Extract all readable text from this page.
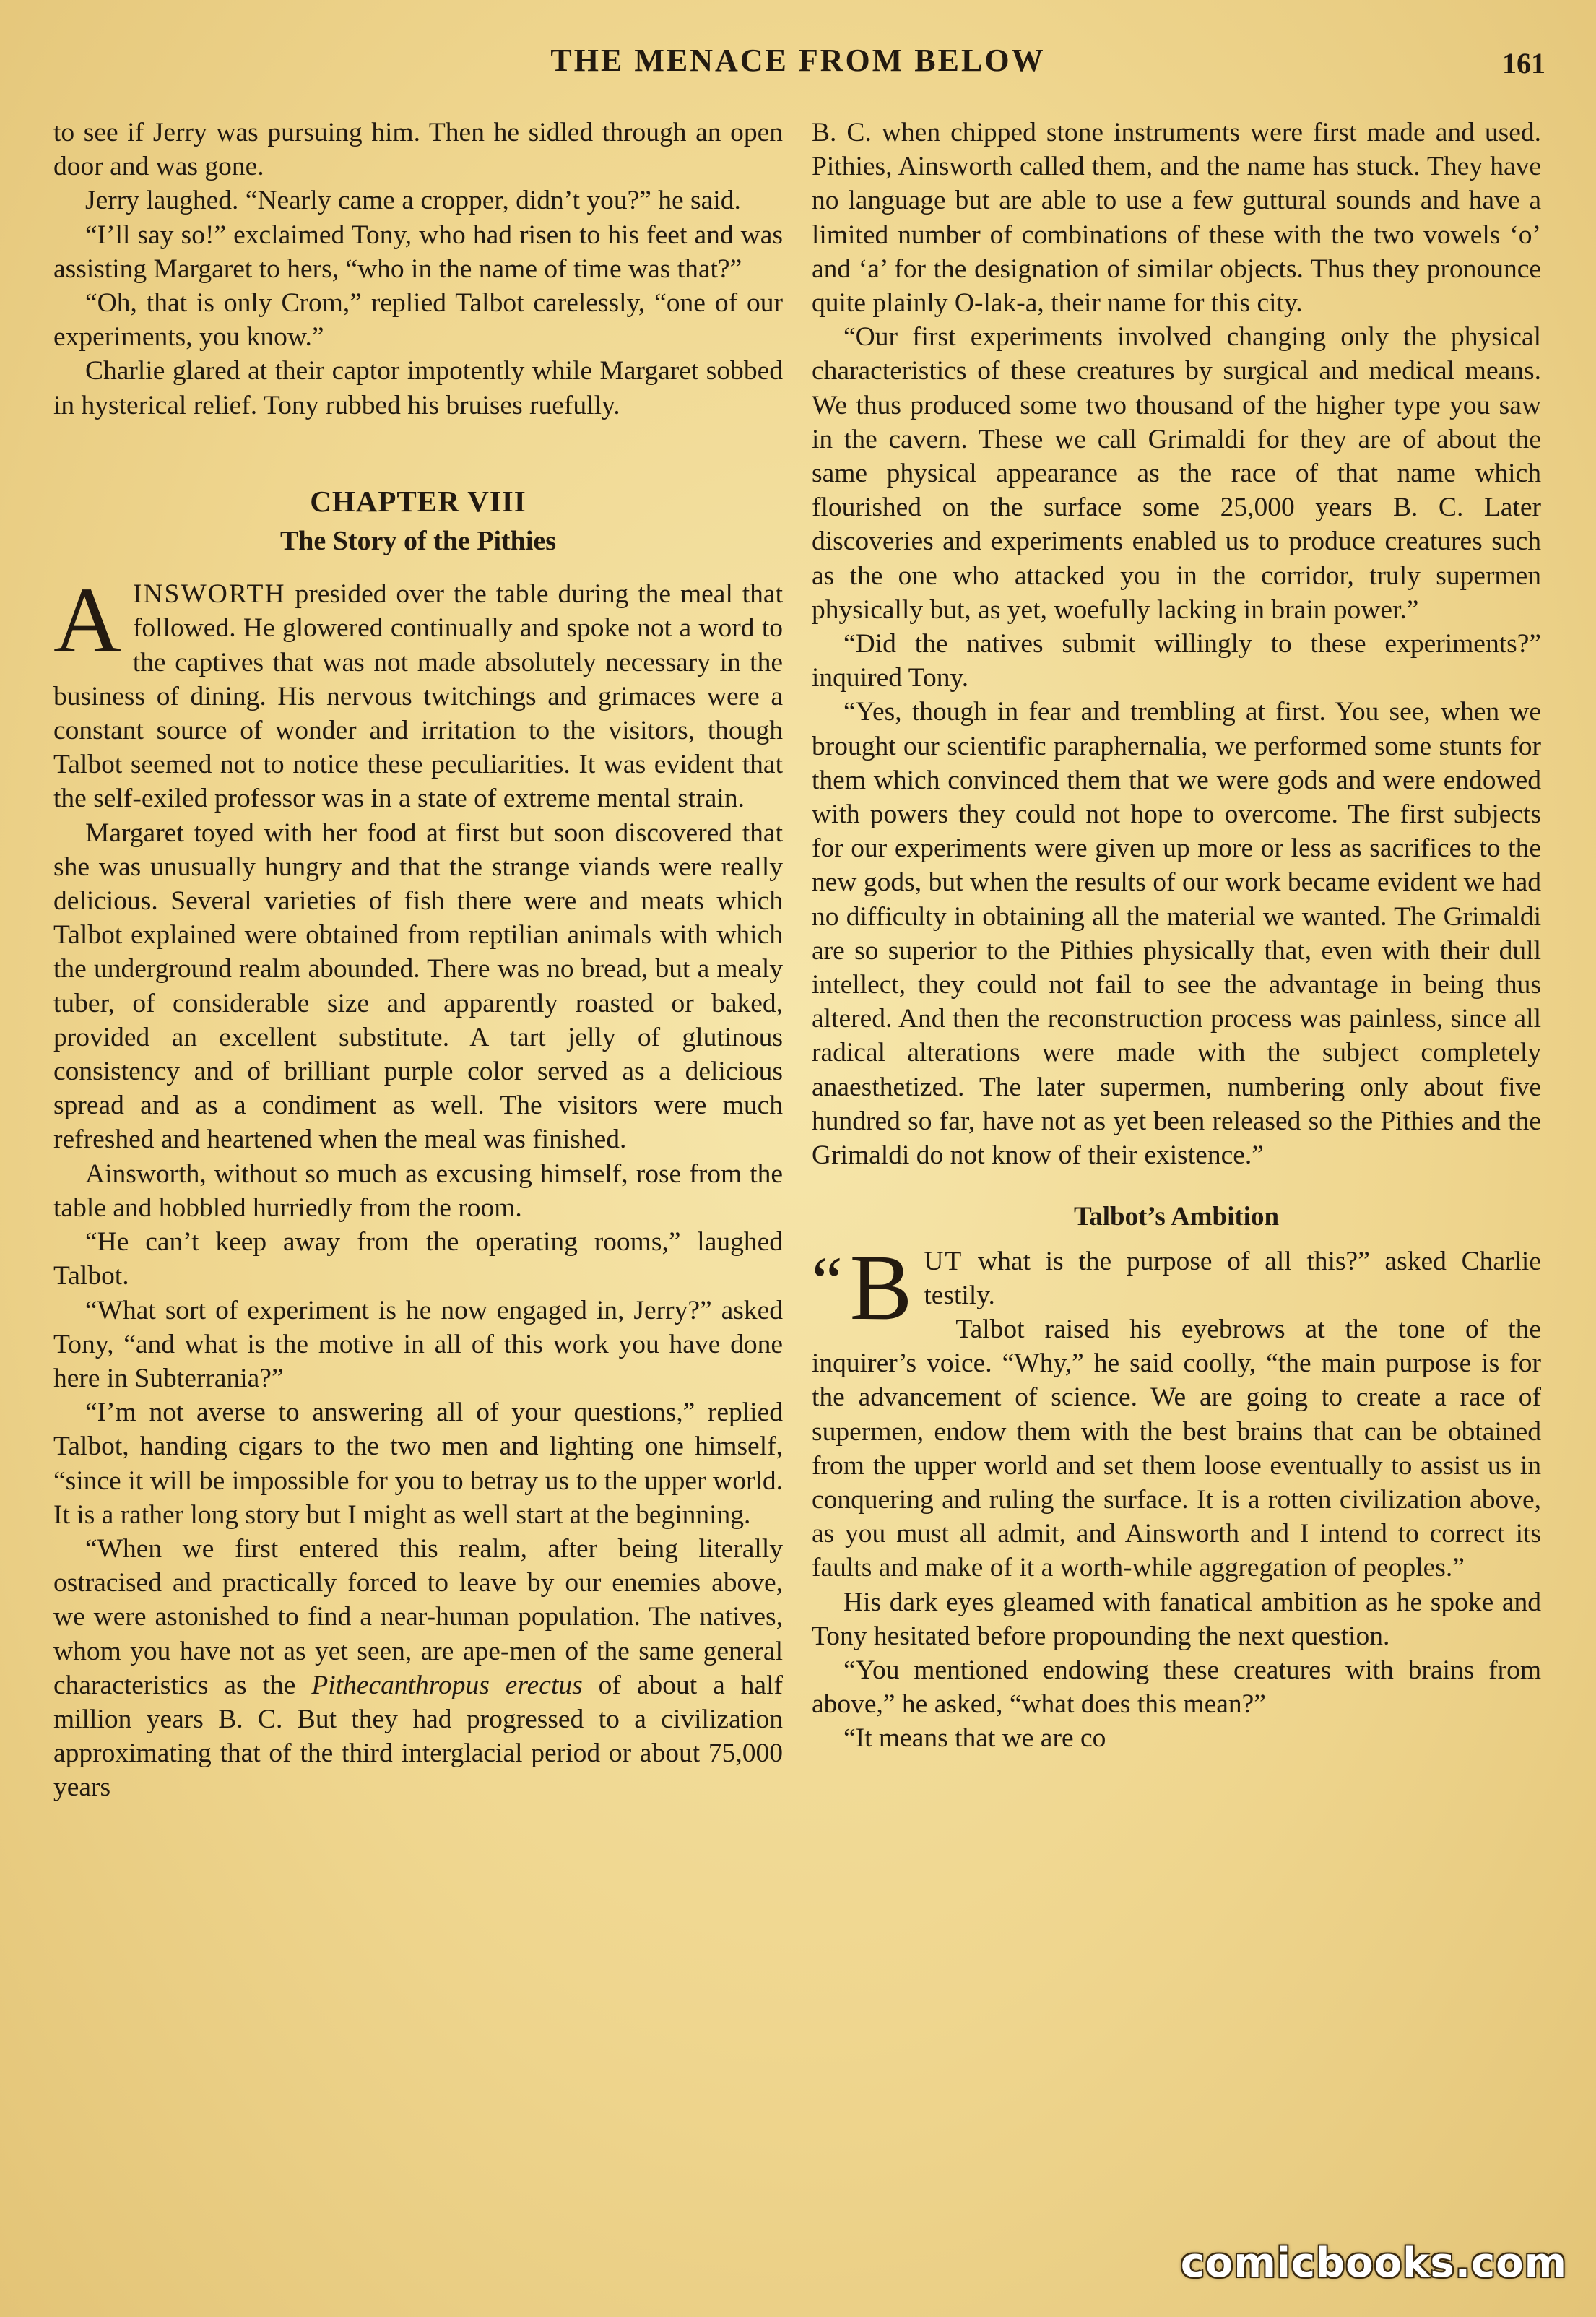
THE MENACE FROM BELOW	161

to see if Jerry was pursuing him. Then he sidled through an open door and was gone.

Jerry laughed. “Nearly came a cropper, didn’t you?” he said.

“I’ll say so!” exclaimed Tony, who had risen to his feet and was assisting Margaret to hers, “who in the name of time was that?”

“Oh, that is only Crom,” replied Talbot carelessly, “one of our experiments, you know.”

Charlie glared at their captor impotently while Margaret sobbed in hysterical relief. Tony rubbed his bruises ruefully.

CHAPTER VIII
The Story of the Pithies

AINSWORTH presided over the table during the meal that followed. He glowered continually and spoke not a word to the captives that was not made absolutely necessary in the business of dining. His nervous twitchings and grimaces were a constant source of wonder and irritation to the visitors, though Talbot seemed not to notice these peculiarities. It was evident that the self-exiled professor was in a state of extreme mental strain.

Margaret toyed with her food at first but soon discovered that she was unusually hungry and that the strange viands were really delicious. Several varieties of fish there were and meats which Talbot explained were obtained from reptilian animals with which the underground realm abounded. There was no bread, but a mealy tuber, of considerable size and apparently roasted or baked, provided an excellent substitute. A tart jelly of glutinous consistency and of brilliant purple color served as a delicious spread and as a condiment as well. The visitors were much refreshed and heartened when the meal was finished.

Ainsworth, without so much as excusing himself, rose from the table and hobbled hurriedly from the room.

“He can’t keep away from the operating rooms,” laughed Talbot.

“What sort of experiment is he now engaged in, Jerry?” asked Tony, “and what is the motive in all of this work you have done here in Subterrania?”

“I’m not averse to answering all of your questions,” replied Talbot, handing cigars to the two men and lighting one himself, “since it will be impossible for you to betray us to the upper world. It is a rather long story but I might as well start at the beginning.

“When we first entered this realm, after being literally ostracised and practically forced to leave by our enemies above, we were astonished to find a near-human population. The natives, whom you have not as yet seen, are ape-men of the same general characteristics as the Pithecanthropus erectus of about a half million years B. C. But they had progressed to a civilization approximating that of the third interglacial period or about 75,000 years

B. C. when chipped stone instruments were first made and used. Pithies, Ainsworth called them, and the name has stuck. They have no language but are able to use a few guttural sounds and have a limited number of combinations of these with the two vowels ‘o’ and ‘a’ for the designation of similar objects. Thus they pronounce quite plainly O-lak-a, their name for this city.

“Our first experiments involved changing only the physical characteristics of these creatures by surgical and medical means. We thus produced some two thousand of the higher type you saw in the cavern. These we call Grimaldi for they are of about the same physical appearance as the race of that name which flourished on the surface some 25,000 years B. C. Later discoveries and experiments enabled us to produce creatures such as the one who attacked you in the corridor, truly supermen physically but, as yet, woefully lacking in brain power.”

“Did the natives submit willingly to these experiments?” inquired Tony.

“Yes, though in fear and trembling at first. You see, when we brought our scientific paraphernalia, we performed some stunts for them which convinced them that we were gods and were endowed with powers they could not hope to overcome. The first subjects for our experiments were given up more or less as sacrifices to the new gods, but when the results of our work became evident we had no difficulty in obtaining all the material we wanted. The Grimaldi are so superior to the Pithies physically that, even with their dull intellect, they could not fail to see the advantage in being thus altered. And then the reconstruction process was painless, since all radical alterations were made with the subject completely anaesthetized. The later supermen, numbering only about five hundred so far, have not as yet been released so the Pithies and the Grimaldi do not know of their existence.”

Talbot’s Ambition

“ B UT what is the purpose of all this?” asked Charlie testily.

Talbot raised his eyebrows at the tone of the inquirer’s voice. “Why,” he said coolly, “the main purpose is for the advancement of science. We are going to create a race of supermen, endow them with the best brains that can be obtained from the upper world and set them loose eventually to assist us in conquering and ruling the surface. It is a rotten civilization above, as you must all admit, and Ainsworth and I intend to correct its faults and make of it a worth-while aggregation of peoples.”

His dark eyes gleamed with fanatical ambition as he spoke and Tony hesitated before propounding the next question.

“You mentioned endowing these creatures with brains from above,” he asked, “what does this mean?”

“It means that we are co

comicbooks.com
